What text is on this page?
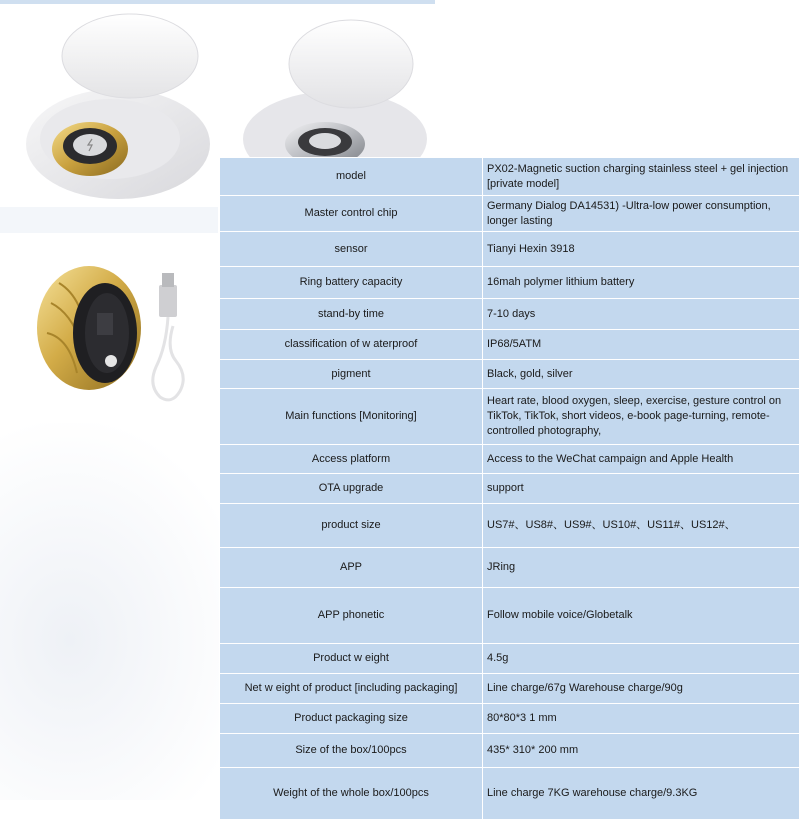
model	PX02-Magnetic suction charging stainless steel + gel injection [private model]
Master control chip	Germany Dialog DA14531) -Ultra-low power consumption, longer lasting
sensor	Tianyi Hexin 3918
Ring battery capacity	16mah polymer lithium battery
stand-by time	7-10 days
classification of w aterproof	IP68/5ATM
pigment	Black, gold, silver
Main functions [Monitoring]	Heart rate, blood oxygen, sleep, exercise, gesture control on TikTok, TikTok, short videos, e-book page-turning, remote-controlled photography,
Access platform	Access to the WeChat campaign and Apple Health
OTA upgrade	support
product size	US7#、US8#、US9#、US10#、US11#、US12#、
APP	JRing
APP phonetic	Follow mobile voice/Globetalk
Product w eight	4.5g
Net w eight of product [including packaging]	Line charge/67g Warehouse charge/90g
Product packaging size	80*80*3 1 mm
Size of the box/100pcs	435* 310* 200 mm
Weight of the whole box/100pcs	Line charge 7KG warehouse charge/9.3KG
